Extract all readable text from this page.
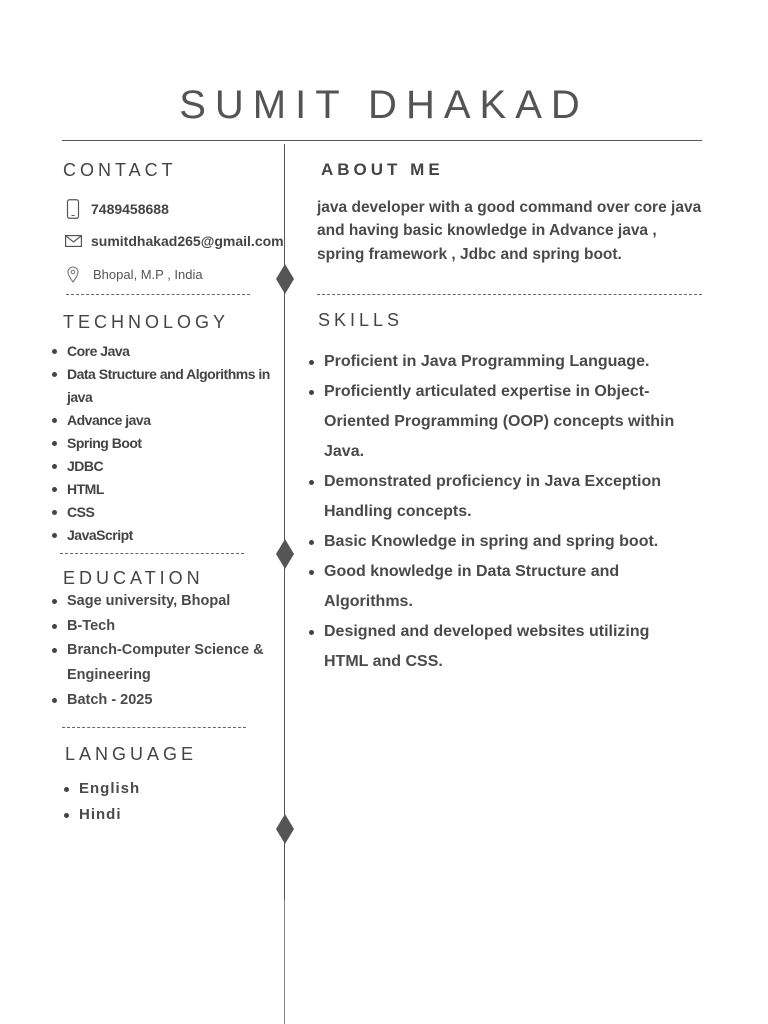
SUMIT DHAKAD
CONTACT
7489458688
sumitdhakad265@gmail.com
Bhopal, M.P , India
TECHNOLOGY
Core Java
Data Structure and Algorithms in java
Advance java
Spring Boot
JDBC
HTML
CSS
JavaScript
EDUCATION
Sage university, Bhopal
B-Tech
Branch-Computer Science & Engineering
Batch - 2025
LANGUAGE
English
Hindi
ABOUT ME

java developer with a good command over core java and having basic knowledge in Advance java , spring framework , Jdbc and spring boot.

SKILLS
Proficient in Java Programming Language.
Proficiently articulated expertise in Object-Oriented Programming (OOP) concepts within Java.
Demonstrated proficiency in Java Exception Handling concepts.
Basic Knowledge in spring and spring boot.
Good knowledge in Data Structure and Algorithms.
Designed and developed websites utilizing HTML and CSS.
